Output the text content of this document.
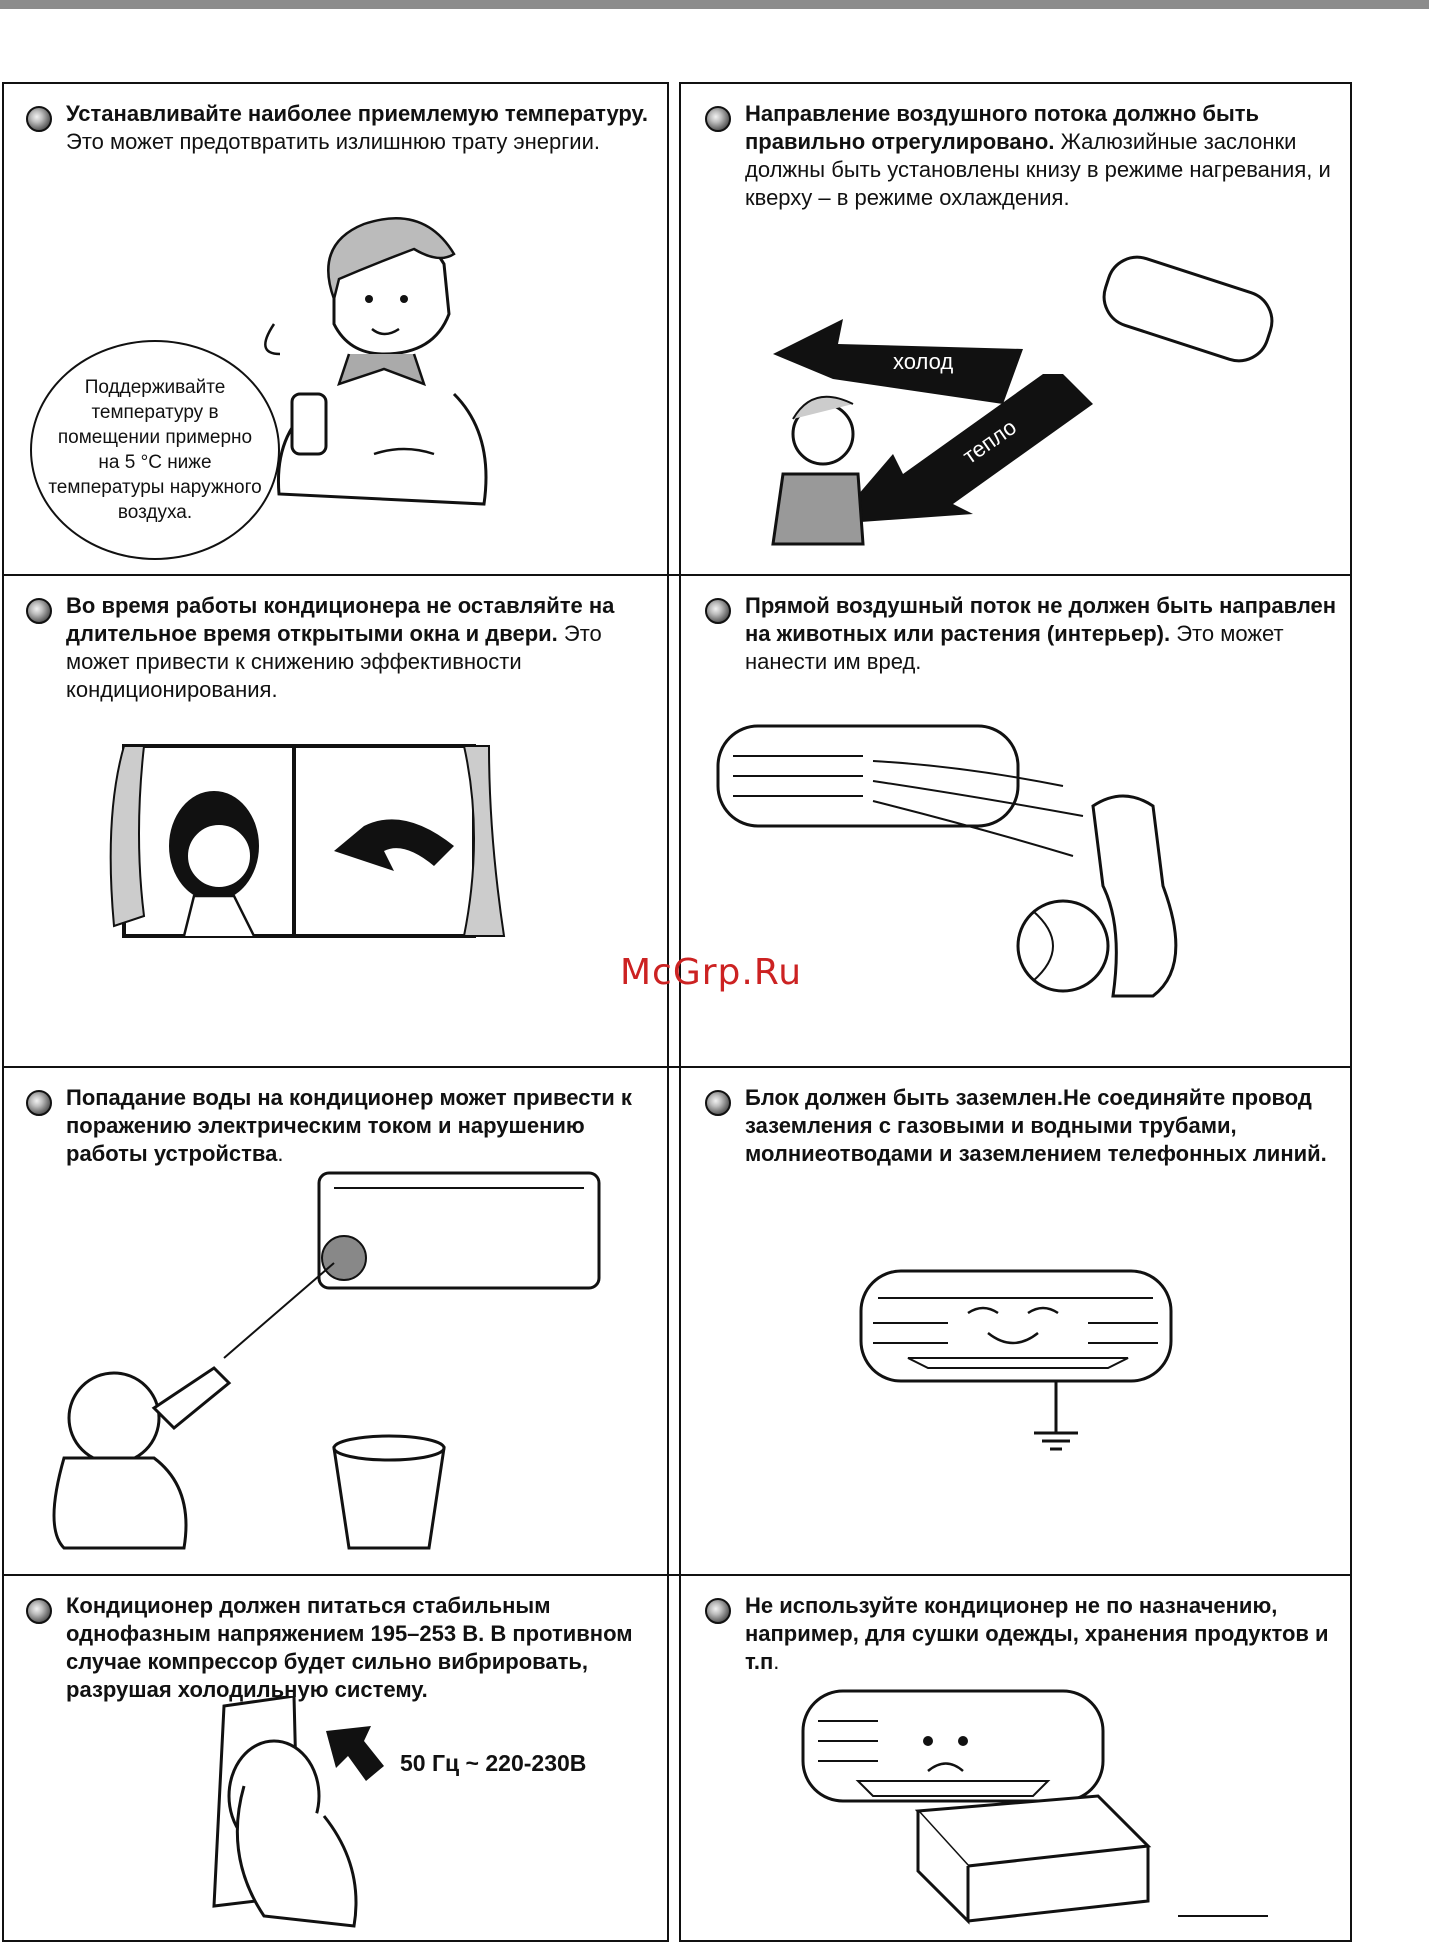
Устанавливайте наиболее приемлемую температуру. Это может предотвратить излишнюю трату энергии.
Поддерживайте температуру в помещении примерно на 5 °C ниже температуры наружного воздуха.
Направление воздушного потока должно быть правильно отрегулировано. Жалюзийные заслонки должны быть установлены книзу в режиме нагревания, и кверху – в режиме охлаждения.
холод
тепло
Во время работы кондиционера не оставляйте на длительное время открытыми окна и двери. Это может привести к снижению эффективности кондиционирования.
Прямой воздушный поток не должен быть направлен на животных или растения (интерьер). Это может нанести им вред.
McGrp.Ru
Попадание воды на кондиционер может привести к поражению электрическим током и нарушению работы устройства.
Блок должен быть заземлен.Не соединяйте провод заземления с газовыми и водными трубами, молниеотводами и заземлением телефонных линий.
Кондиционер должен питаться стабильным однофазным напряжением 195–253 В. В противном случае компрессор будет сильно вибрировать, разрушая холодильную систему.
50 Гц ~ 220-230В
Не используйте кондиционер не по назначению, например, для сушки одежды, хранения продуктов и т.п.
